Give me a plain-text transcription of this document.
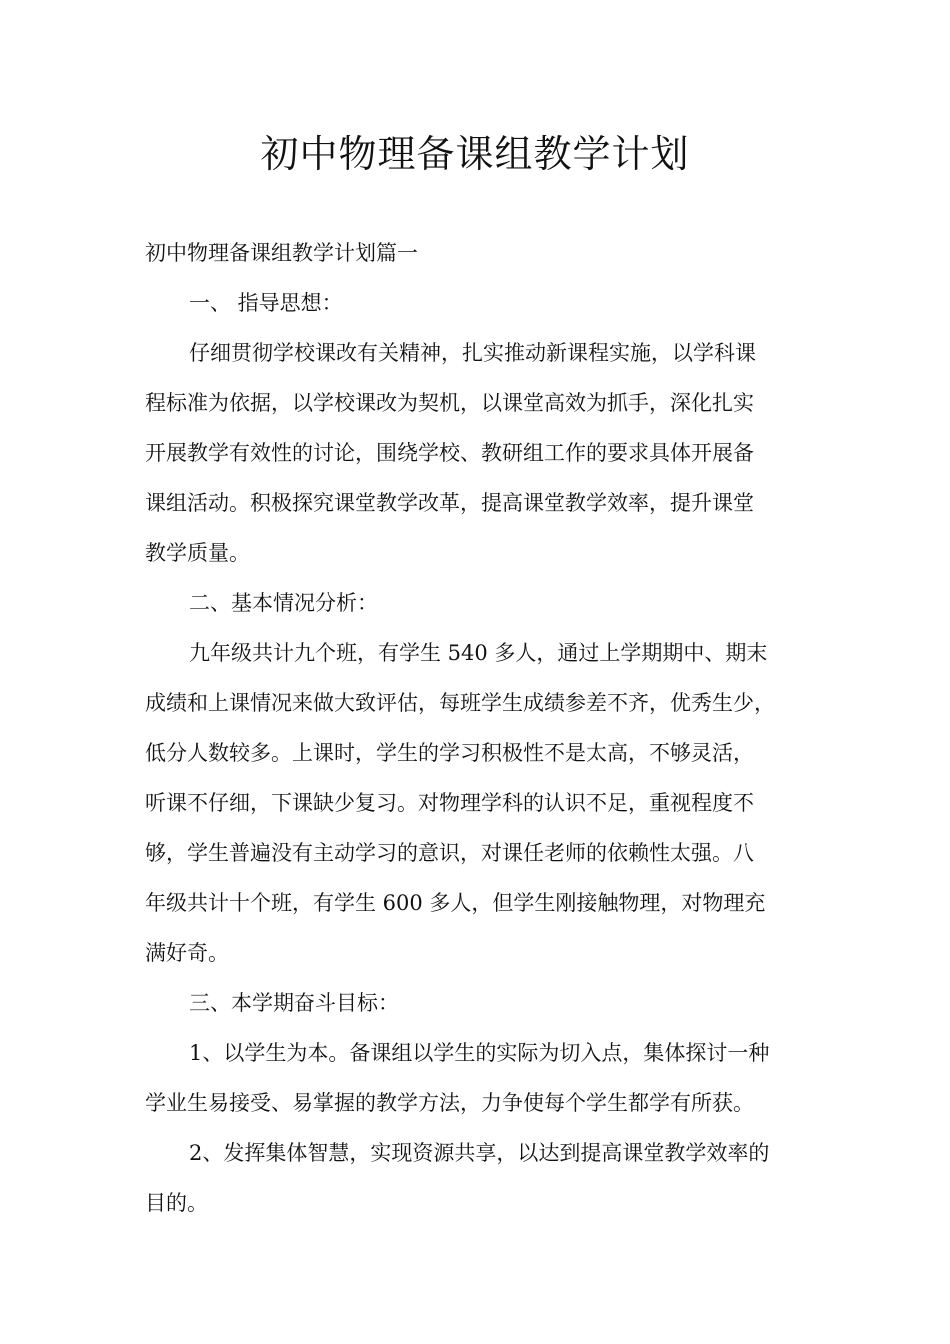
初中物理备课组教学计划
初中物理备课组教学计划篇一
一、 指导思想：
仔细贯彻学校课改有关精神，扎实推动新课程实施，以学科课
程标准为依据，以学校课改为契机，以课堂高效为抓手，深化扎实
开展教学有效性的讨论，围绕学校、教研组工作的要求具体开展备
课组活动。积极探究课堂教学改革，提高课堂教学效率，提升课堂
教学质量。
二、基本情况分析：
九年级共计九个班，有学生 540 多人，通过上学期期中、期末
成绩和上课情况来做大致评估，每班学生成绩参差不齐，优秀生少，
低分人数较多。上课时，学生的学习积极性不是太高，不够灵活，
听课不仔细，下课缺少复习。对物理学科的认识不足，重视程度不
够，学生普遍没有主动学习的意识，对课任老师的依赖性太强。八
年级共计十个班，有学生 600 多人，但学生刚接触物理，对物理充
满好奇。
三、本学期奋斗目标：
1、以学生为本。备课组以学生的实际为切入点，集体探讨一种
学业生易接受、易掌握的教学方法，力争使每个学生都学有所获。
2、发挥集体智慧，实现资源共享，以达到提高课堂教学效率的
目的。
